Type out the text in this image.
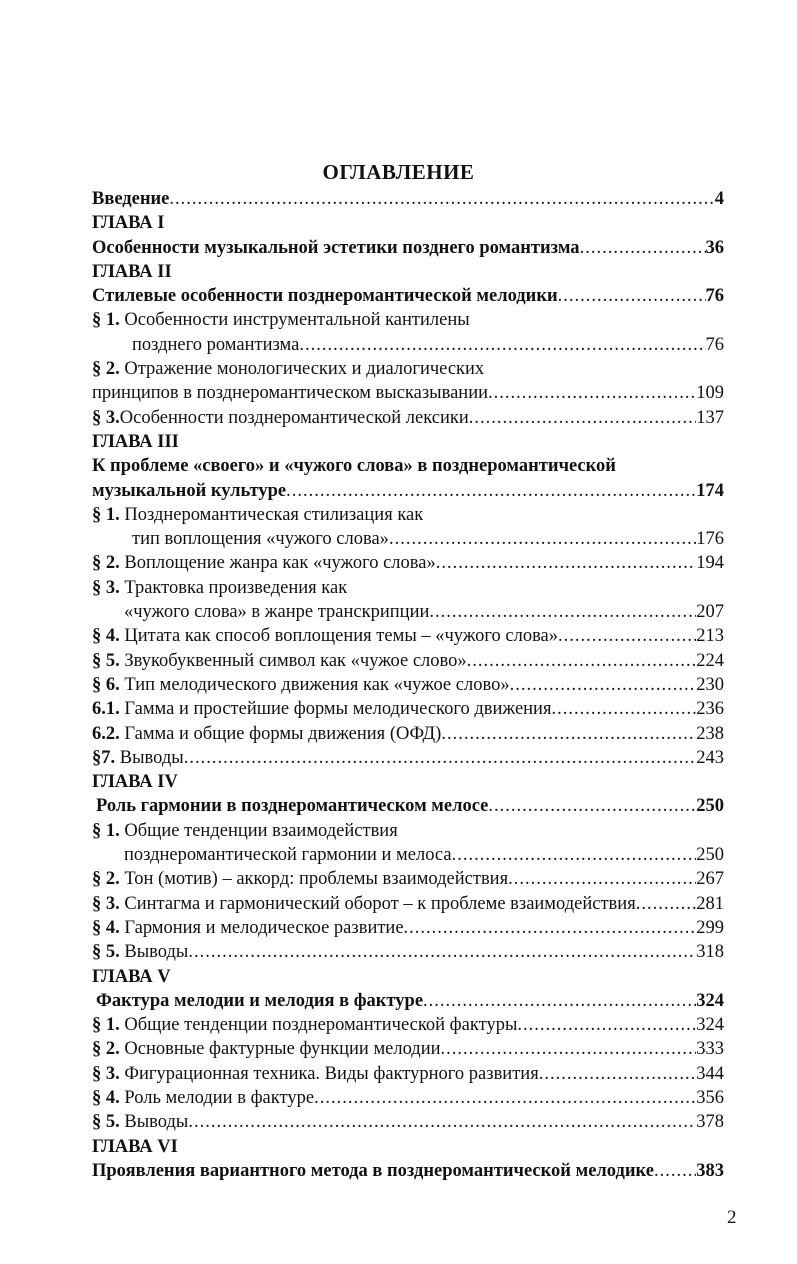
ОГЛАВЛЕНИЕ
Введение .....	4
ГЛАВА I
Особенности музыкальной эстетики позднего романтизма .....	36
ГЛАВА II
Стилевые особенности позднеромантической мелодики .....	76
§ 1. Особенности инструментальной кантилены
позднего романтизма .....	76
§ 2. Отражение монологических и диалогических
принципов в позднеромантическом высказывании .....	109
§ 3.Особенности позднеромантической лексики .....	137
ГЛАВА III
К проблеме «своего» и «чужого слова» в позднеромантической
музыкальной культуре .....	174
§ 1. Позднеромантическая стилизация как
тип воплощения «чужого слова» .....	176
§ 2. Воплощение жанра как «чужого слова» .....	194
§ 3. Трактовка произведения как
«чужого слова» в жанре транскрипции .....	207
§ 4. Цитата как способ воплощения темы – «чужого слова» .....	213
§ 5. Звукобуквенный символ как «чужое слово» .....	224
§ 6. Тип мелодического движения как «чужое слово» .....	230
6.1. Гамма и простейшие формы мелодического движения .....	236
6.2. Гамма и общие формы движения (ОФД) .....	238
§7. Выводы .....	243
ГЛАВА IV
Роль гармонии в позднеромантическом мелосе .....	250
§ 1. Общие тенденции взаимодействия
позднеромантической гармонии и мелоса .....	250
§ 2. Тон (мотив) – аккорд: проблемы взаимодействия .....	267
§ 3. Синтагма и гармонический оборот – к проблеме взаимодействия .....	281
§ 4. Гармония и мелодическое развитие .....	299
§ 5. Выводы .....	318
ГЛАВА V
Фактура мелодии и мелодия в фактуре .....	324
§ 1. Общие тенденции позднеромантической фактуры .....	324
§ 2. Основные фактурные функции мелодии .....	333
§ 3. Фигурационная техника. Виды фактурного развития .....	344
§ 4. Роль мелодии в фактуре .....	356
§ 5. Выводы .....	378
ГЛАВА VI
Проявления вариантного метода в позднеромантической мелодике ..... 383
2
